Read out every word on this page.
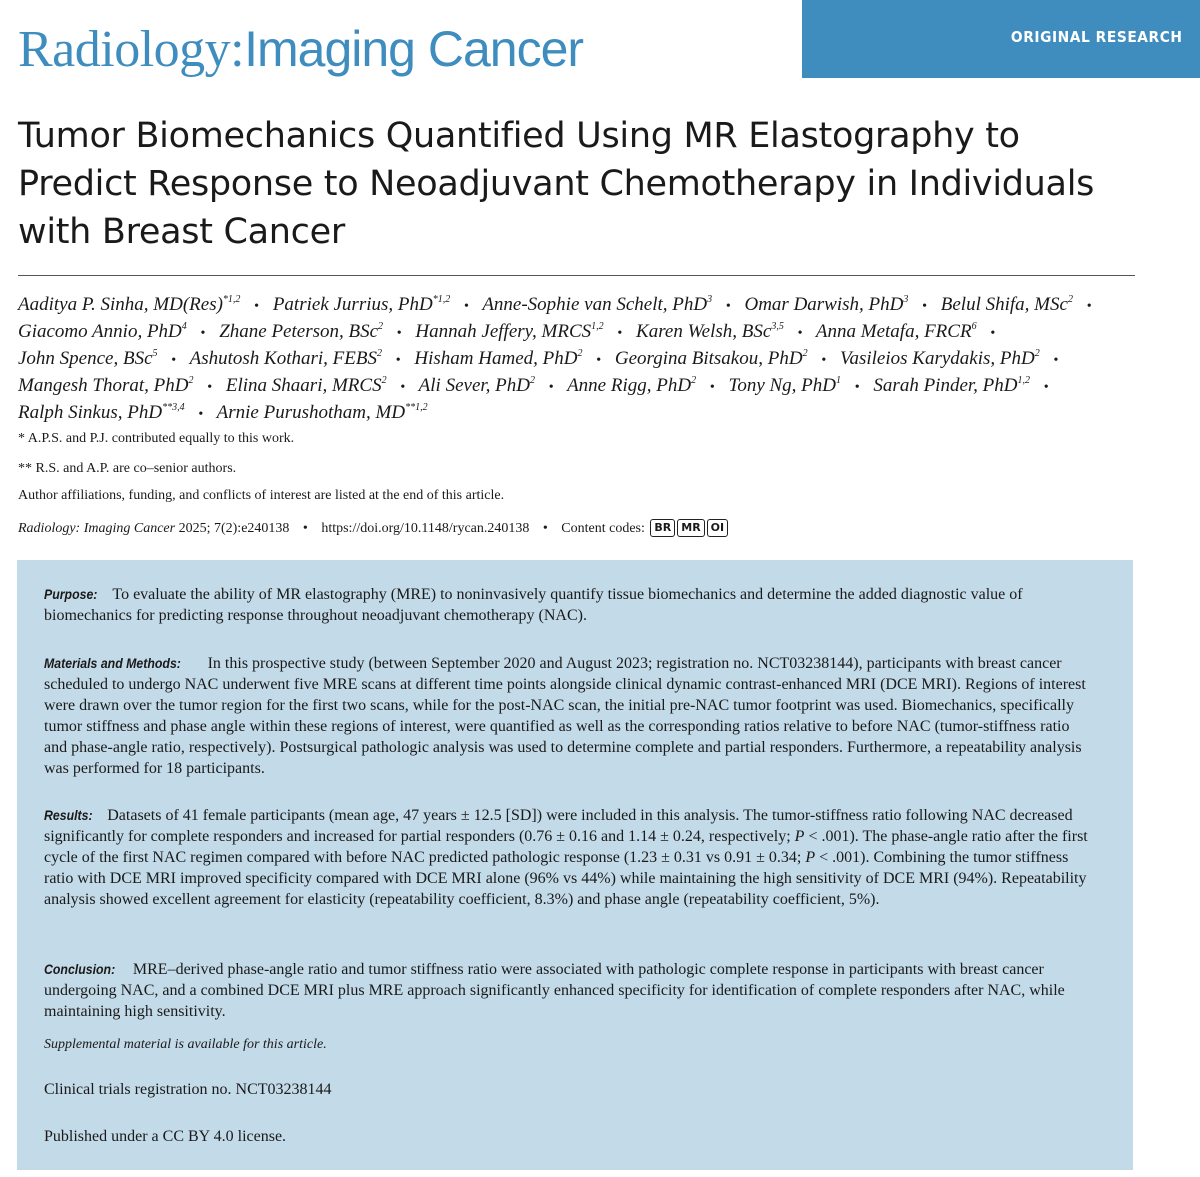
ORIGINAL RESEARCH
Radiology:Imaging Cancer
Tumor Biomechanics Quantified Using MR Elastography to Predict Response to Neoadjuvant Chemotherapy in Individuals with Breast Cancer
Aaditya P. Sinha, MD(Res)$^{*1,2}$ • Patriek Jurrius, PhD$^{*1,2}$ • Anne-Sophie van Schelt, PhD$^3$ • Omar Darwish, PhD$^3$ • Belul Shifa, MSc$^2$ • Giacomo Annio, PhD$^4$ • Zhane Peterson, BSc$^2$ • Hannah Jeffery, MRCS$^{1,2}$ • Karen Welsh, BSc$^{3,5}$ • Anna Metafa, FRCR$^6$ • John Spence, BSc$^5$ • Ashutosh Kothari, FEBS$^2$ • Hisham Hamed, PhD$^2$ • Georgina Bitsakou, PhD$^2$ • Vasileios Karydakis, PhD$^2$ • Mangesh Thorat, PhD$^2$ • Elina Shaari, MRCS$^2$ • Ali Sever, PhD$^2$ • Anne Rigg, PhD$^2$ • Tony Ng, PhD$^1$ • Sarah Pinder, PhD$^{1,2}$ • Ralph Sinkus, PhD$^{**3,4}$ • Arnie Purushotham, MD$^{**1,2}$
* A.P.S. and P.J. contributed equally to this work.
** R.S. and A.P. are co–senior authors.
Author affiliations, funding, and conflicts of interest are listed at the end of this article.
Radiology: Imaging Cancer 2025; 7(2):e240138 • https://doi.org/10.1148/rycan.240138 • Content codes: BR MR OI

Purpose: To evaluate the ability of MR elastography (MRE) to noninvasively quantify tissue biomechanics and determine the added diagnostic value of biomechanics for predicting response throughout neoadjuvant chemotherapy (NAC).

Materials and Methods: In this prospective study (between September 2020 and August 2023; registration no. NCT03238144), participants with breast cancer scheduled to undergo NAC underwent five MRE scans at different time points alongside clinical dynamic contrast-enhanced MRI (DCE MRI). Regions of interest were drawn over the tumor region for the first two scans, while for the post-NAC scan, the initial pre-NAC tumor footprint was used. Biomechanics, specifically tumor stiffness and phase angle within these regions of interest, were quantified as well as the corresponding ratios relative to before NAC (tumor-stiffness ratio and phase-angle ratio, respectively). Postsurgical pathologic analysis was used to determine complete and partial responders. Furthermore, a repeatability analysis was performed for 18 participants.

Results: Datasets of 41 female participants (mean age, 47 years ± 12.5 [SD]) were included in this analysis. The tumor-stiffness ratio following NAC decreased significantly for complete responders and increased for partial responders (0.76 ± 0.16 and 1.14 ± 0.24, respectively; P < .001). The phase-angle ratio after the first cycle of the first NAC regimen compared with before NAC predicted pathologic response (1.23 ± 0.31 vs 0.91 ± 0.34; P < .001). Combining the tumor stiffness ratio with DCE MRI improved specificity compared with DCE MRI alone (96% vs 44%) while maintaining the high sensitivity of DCE MRI (94%). Repeatability analysis showed excellent agreement for elasticity (repeatability coefficient, 8.3%) and phase angle (repeatability coefficient, 5%).

Conclusion: MRE–derived phase-angle ratio and tumor stiffness ratio were associated with pathologic complete response in participants with breast cancer undergoing NAC, and a combined DCE MRI plus MRE approach significantly enhanced specificity for identification of complete responders after NAC, while maintaining high sensitivity.

Supplemental material is available for this article.

Clinical trials registration no. NCT03238144

Published under a CC BY 4.0 license.
